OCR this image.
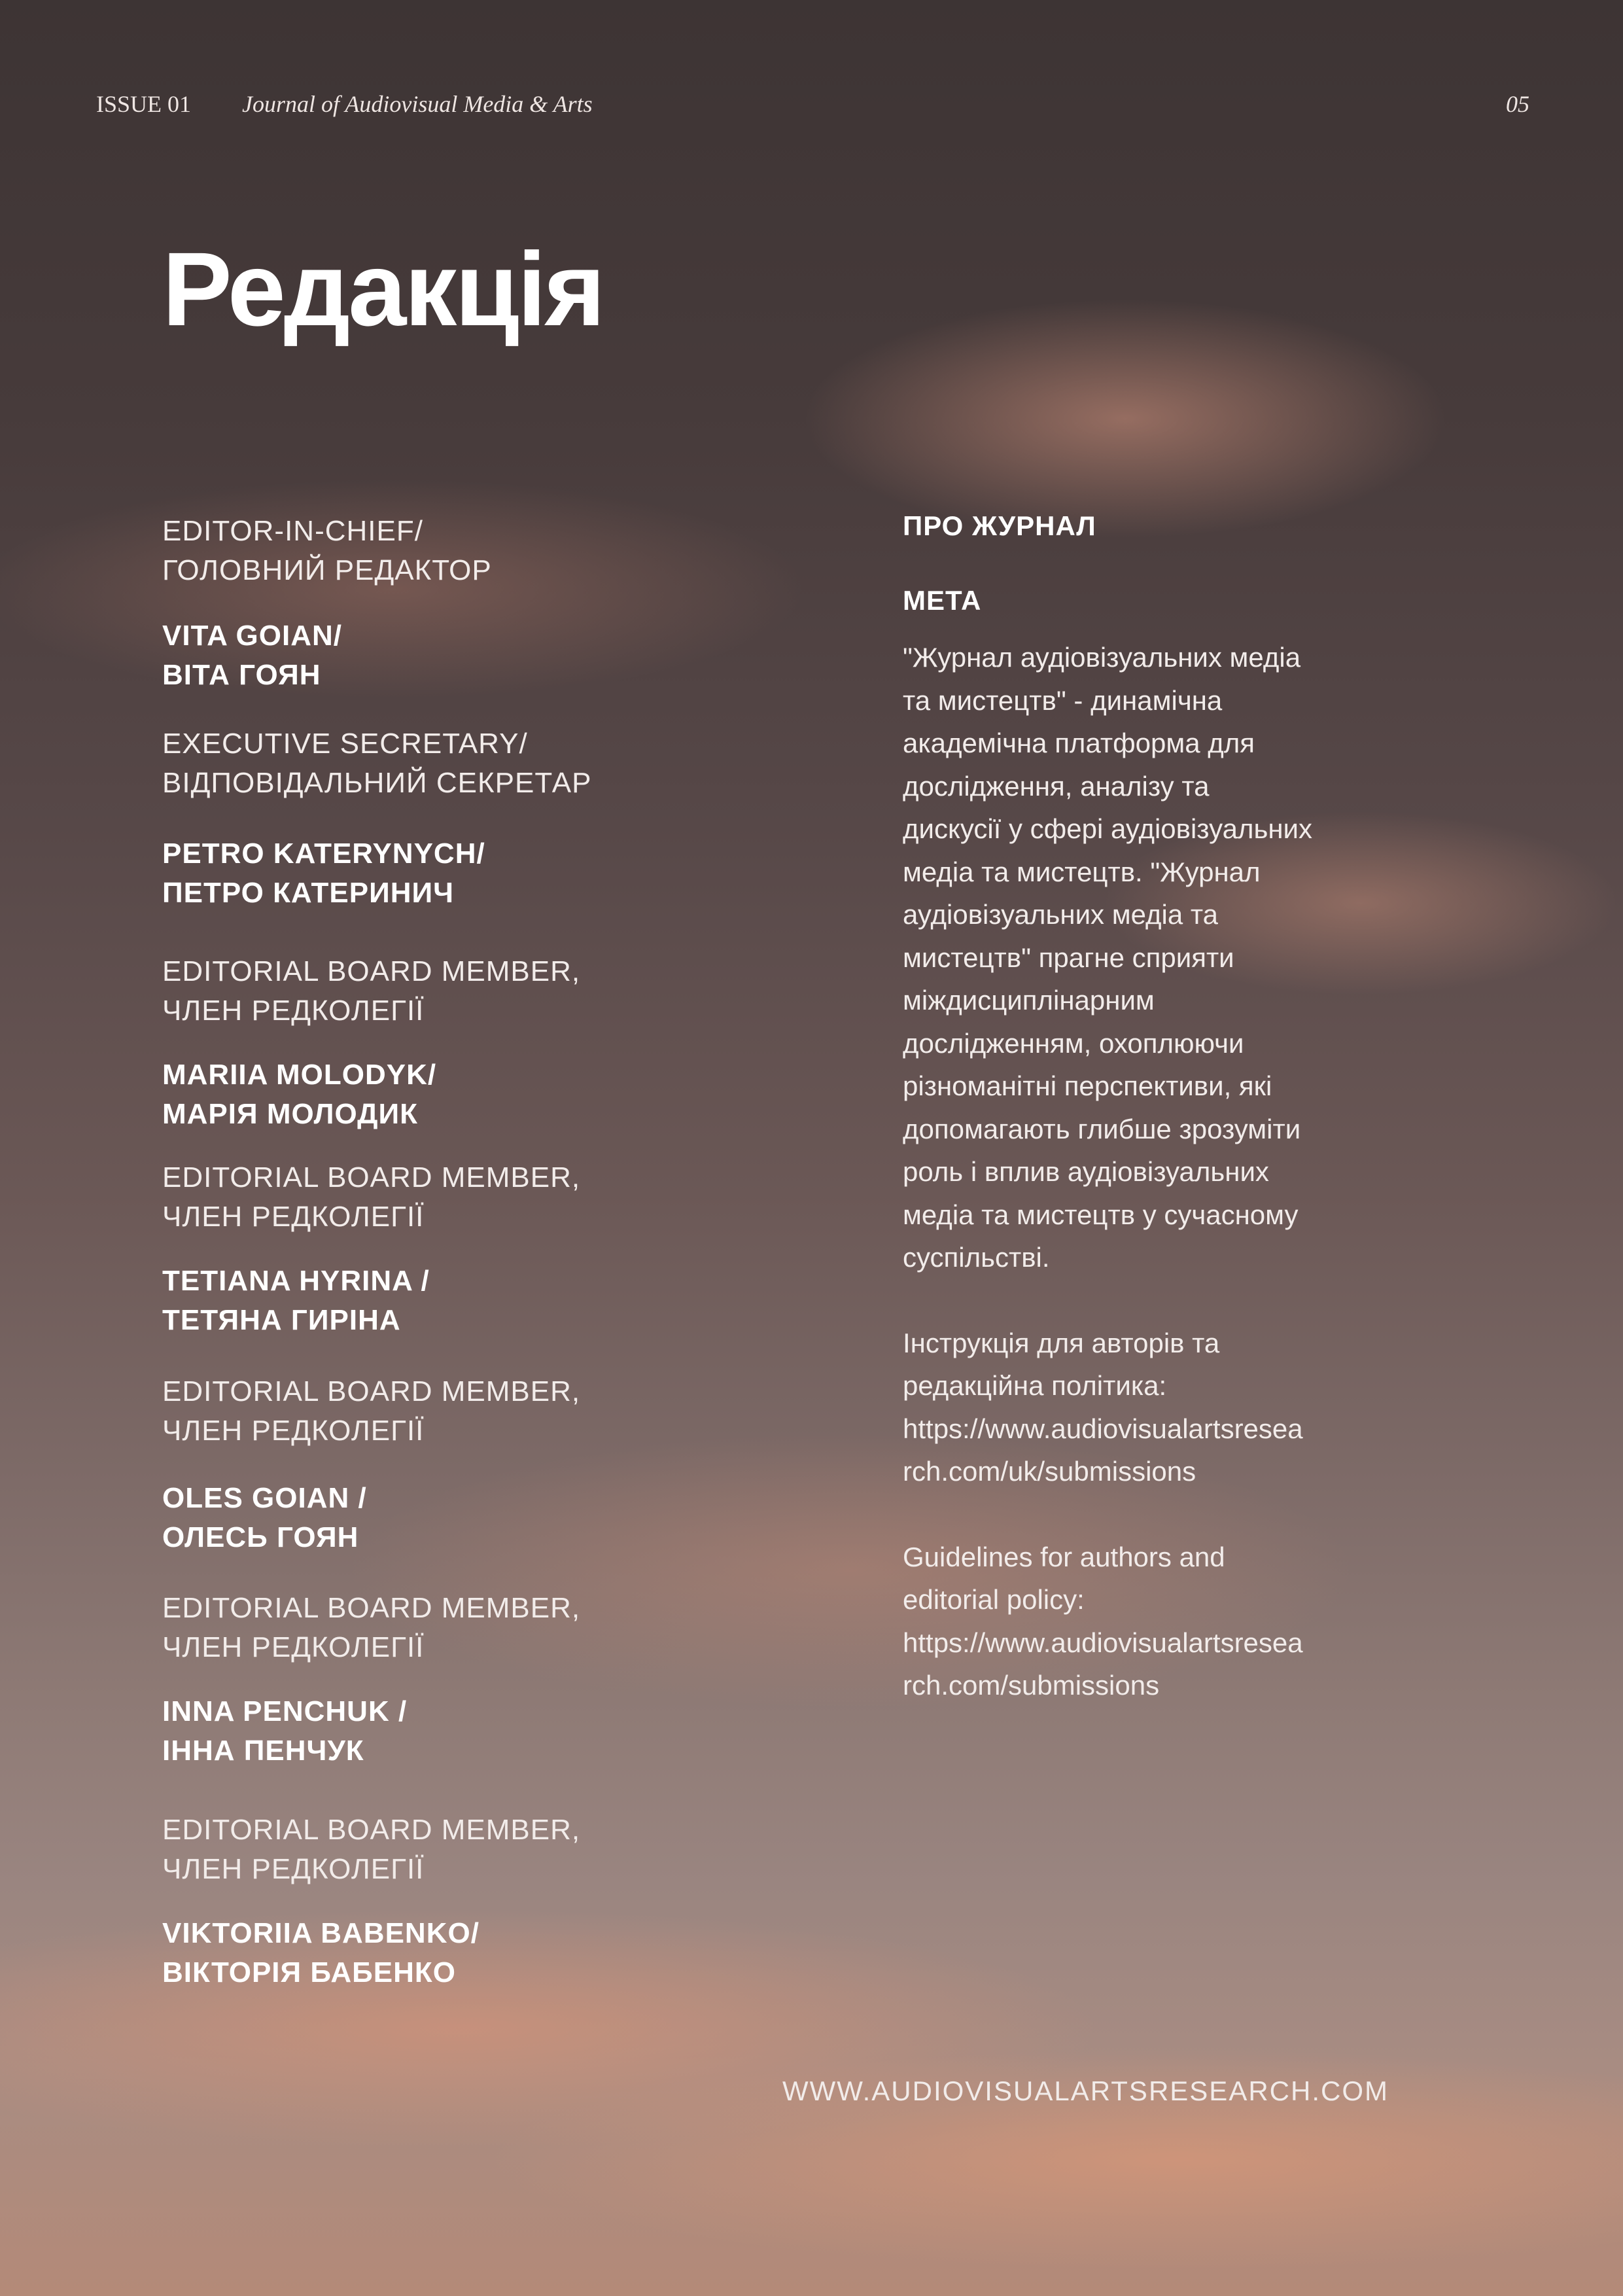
ISSUE 01 Journal of Audiovisual Media & Arts	05
Редакція
EDITOR-IN-CHIEF/
ГОЛОВНИЙ РЕДАКТОР
VITA GOIAN/
ВІТА ГОЯН
EXECUTIVE SECRETARY/
ВІДПОВІДАЛЬНИЙ СЕКРЕТАР
PETRO KATERYNYCH/
ПЕТРО КАТЕРИНИЧ
EDITORIAL BOARD MEMBER,
ЧЛЕН РЕДКОЛЕГІЇ
MARIIA MOLODYK/
МАРІЯ МОЛОДИК
EDITORIAL BOARD MEMBER,
ЧЛЕН РЕДКОЛЕГІЇ
TETIANA HYRINA /
ТЕТЯНА ГИРІНА
EDITORIAL BOARD MEMBER,
ЧЛЕН РЕДКОЛЕГІЇ
OLES GOIAN /
ОЛЕСЬ ГОЯН
EDITORIAL BOARD MEMBER,
ЧЛЕН РЕДКОЛЕГІЇ
INNA PENCHUK /
ІННА ПЕНЧУК
EDITORIAL BOARD MEMBER,
ЧЛЕН РЕДКОЛЕГІЇ
VIKTORIIA BABENKO/
ВІКТОРІЯ БАБЕНКО
ПРО ЖУРНАЛ
МЕТА

"Журнал аудіовізуальних медіа
та мистецтв" - динамічна
академічна платформа для
дослідження, аналізу та
дискусії у сфері аудіовізуальних
медіа та мистецтв. "Журнал
аудіовізуальних медіа та
мистецтв" прагне сприяти
міждисциплінарним
дослідженням, охоплюючи
різноманітні перспективи, які
допомагають глибше зрозуміти
роль і вплив аудіовізуальних
медіа та мистецтв у сучасному
суспільстві.

Інструкція для авторів та
редакційна політика:
https://www.audiovisualartsresea
rch.com/uk/submissions

Guidelines for authors and
editorial policy:
https://www.audiovisualartsresea
rch.com/submissions

WWW.AUDIOVISUALARTSRESEARCH.COM
